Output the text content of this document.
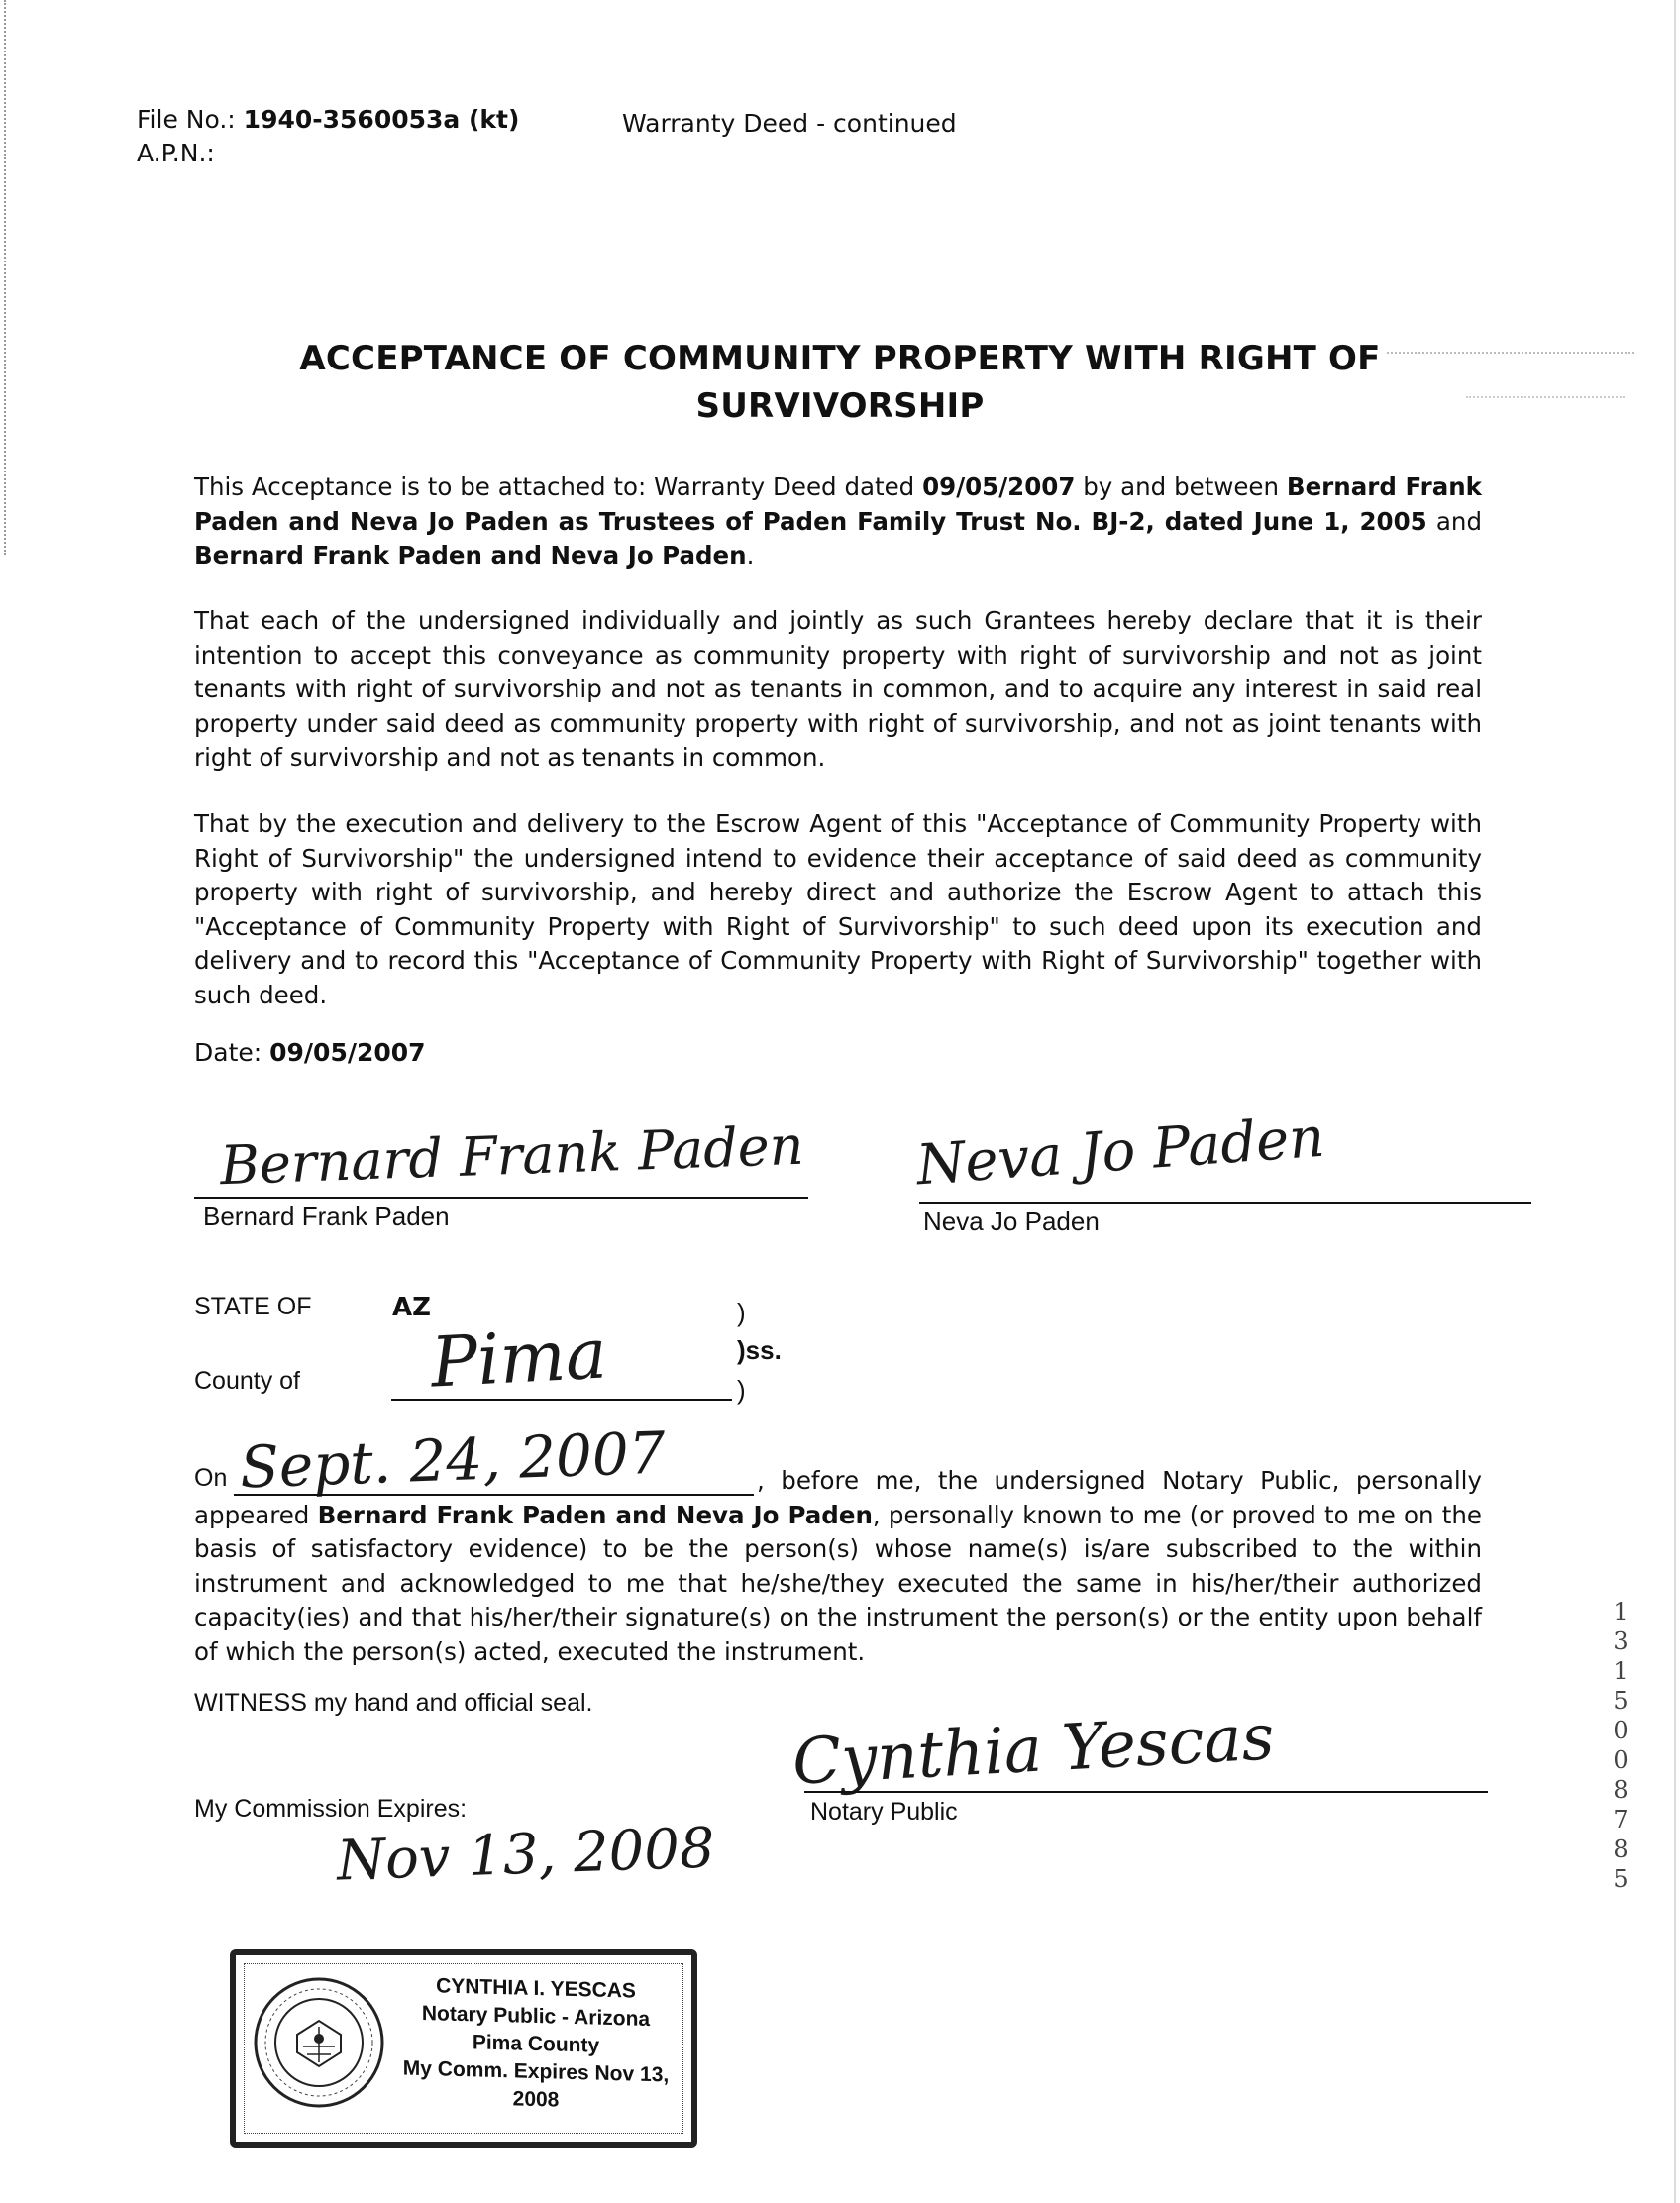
File No.: 1940-3560053a (kt)
A.P.N.:
Warranty Deed - continued
ACCEPTANCE OF COMMUNITY PROPERTY WITH RIGHT OF
SURVIVORSHIP
This Acceptance is to be attached to: Warranty Deed dated 09/05/2007 by and between Bernard Frank Paden and Neva Jo Paden as Trustees of Paden Family Trust No. BJ-2, dated June 1, 2005 and Bernard Frank Paden and Neva Jo Paden.
That each of the undersigned individually and jointly as such Grantees hereby declare that it is their intention to accept this conveyance as community property with right of survivorship and not as joint tenants with right of survivorship and not as tenants in common, and to acquire any interest in said real property under said deed as community property with right of survivorship, and not as joint tenants with right of survivorship and not as tenants in common.
That by the execution and delivery to the Escrow Agent of this "Acceptance of Community Property with Right of Survivorship" the undersigned intend to evidence their acceptance of said deed as community property with right of survivorship, and hereby direct and authorize the Escrow Agent to attach this "Acceptance of Community Property with Right of Survivorship" to such deed upon its execution and delivery and to record this "Acceptance of Community Property with Right of Survivorship" together with such deed.
Date: 09/05/2007
Bernard Frank Paden
Bernard Frank Paden
Neva Jo Paden
Neva Jo Paden
STATE OF	AZ	)
)ss.
County of Pima	)
On Sept. 24, 2007	, before me, the undersigned Notary Public, personally appeared Bernard Frank Paden and Neva Jo Paden, personally known to me (or proved to me on the basis of satisfactory evidence) to be the person(s) whose name(s) is/are subscribed to the within instrument and acknowledged to me that he/she/they executed the same in his/her/their authorized capacity(ies) and that his/her/their signature(s) on the instrument the person(s) or the entity upon behalf of which the person(s) acted, executed the instrument.
WITNESS my hand and official seal.	Cynthia Yescas
Notary Public
My Commission Expires:
Nov 13, 2008
CYNTHIA I. YESCAS
Notary Public - Arizona
Pima County
My Comm. Expires Nov 13, 2008
1 3 1 5 0 0 8 7 8 5
